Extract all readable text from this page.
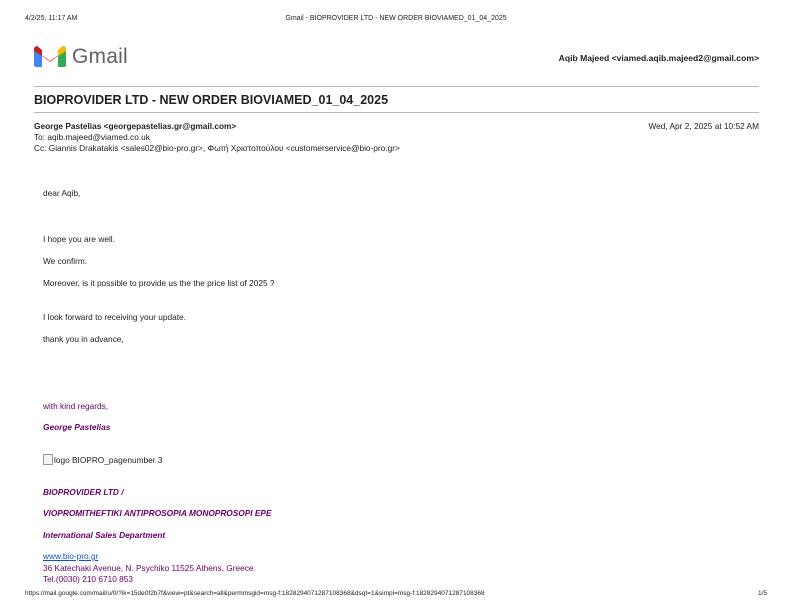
4/2/25, 11:17 AM	Gmail - BIOPROVIDER LTD - NEW ORDER BIOVIAMED_01_04_2025
Gmail	Aqib Majeed <viamed.aqib.majeed2@gmail.com>
BIOPROVIDER LTD - NEW ORDER BIOVIAMED_01_04_2025
George Pastelias <georgepastelias.gr@gmail.com>	Wed, Apr 2, 2025 at 10:52 AM
To: aqib.majeed@viamed.co.uk
Cc: Giannis Drakatakis <sales02@bio-pro.gr>, Φωτή Χριστοπούλου <customerservice@bio-pro.gr>
dear Aqib,
I hope you are well.
We confirm.
Moreover, is it possible to provide us the the price list of 2025 ?
I look forward to receiving your update.
thank you in advance,
with kind regards,
George Pastelias
logo BIOPRO_pagenumber 3
BIOPROVIDER LTD /
VIOPROMITHEFTIKI ANTIPROSOPIA MONOPROSOPI EPE
International Sales Department
www.bio-pro.gr
36 Katechaki Avenue, N. Psychiko 11525 Athens, Greece
Tel.(0030) 210 6710 853
https://mail.google.com/mail/u/0/?ik=15de0f2b7f&view=pt&search=all&permmsgid=msg-f:1828294071287108368&dsqt=1&simpl=msg-f:1828294071287108368	1/5
